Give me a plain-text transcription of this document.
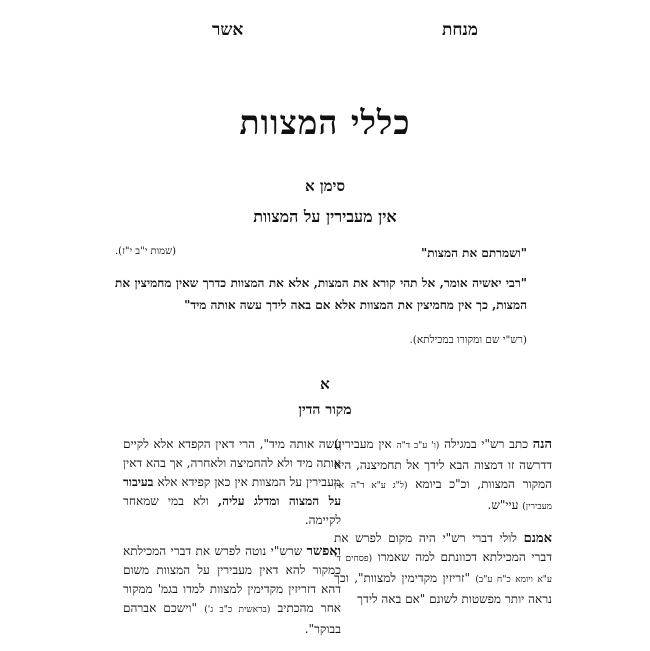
מנחת
אשר
כללי המצוות
סימן א
אין מעבירין על המצוות
"ושמרתם את המצות"
(שמות י"ב י"ז).
"רבי יאשיה אומר, אל תהי קורא את המצות, אלא את המצוות כדרך שאין מחמיצין את המצות, כך אין מחמיצין את המצוות אלא אם באה לידך עשה אותה מיד"
(רש"י שם ומקורו במכילתא).
א
מקור הדין

הנה כתב רש"י במגילה (ו' ע"ב ד"ה אין מעבירין) דדרשה זו דמצוה הבא לידך אל תחמיצנה, היא המקור המצוות, וכ"כ ביומא (ל"ג ע"א ד"ה אין מעבירין) עיי"ש.

אמנם לולי דברי רש"י היה מקום לפרש את דברי המכילתא דכוונתם למה שאמרו (פסחים ד' ע"א ויומא כ"ח ע"ב) "זריזין מקדימין למצוות", וכך נראה יותר מפשטות לשונם "אם באה לידך

עשה אותה מיד", הרי דאין הקפדא אלא לקיים אותה מיד ולא להחמיצה ולאחרה, אך בהא דאין מעבירין על המצוות אין כאן קפידא אלא בעיבור על המצוה ומדלג עליה, ולא במי שמאחר לקיימה.

ואפשר שרש"י נוטה לפרש את דברי המכילתא כמקור להא דאין מעבירין על המצוות משום דהא דזריזין מקדימין למצוות למדו בגמ' ממקור אחר מהכתיב (בראשית כ"ב ג') "וישכם אברהם בבוקר".
